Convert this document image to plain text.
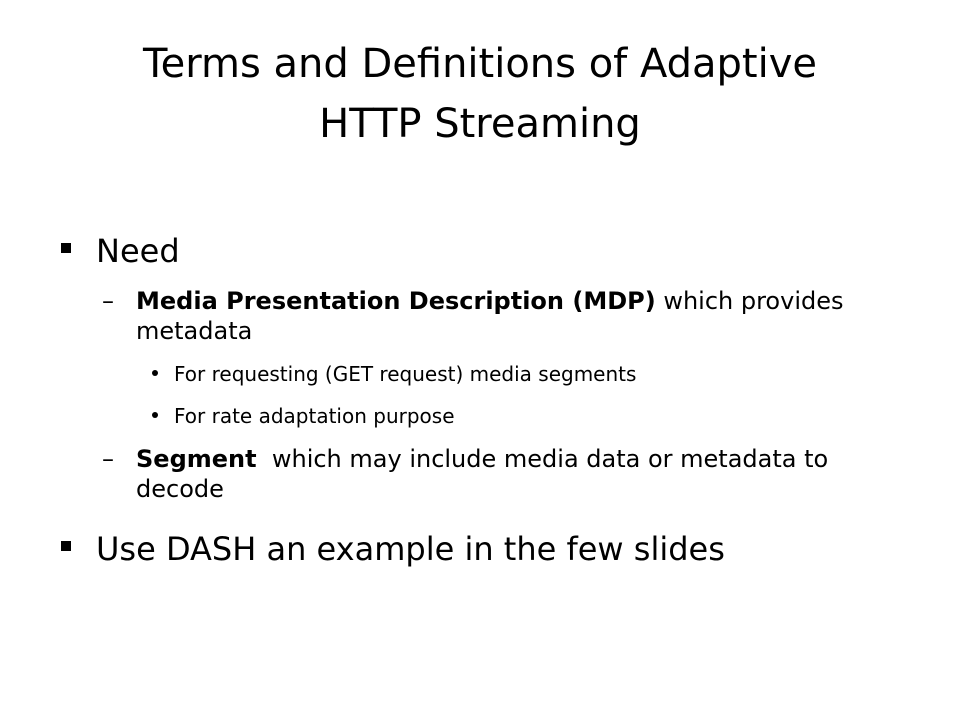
Terms and Definitions of Adaptive
HTTP Streaming
Need
– Media Presentation Description (MDP) which provides metadata
For requesting (GET request) media segments
For rate adaptation purpose
– Segment  which may include media data or metadata to decode
Use DASH an example in the few slides
